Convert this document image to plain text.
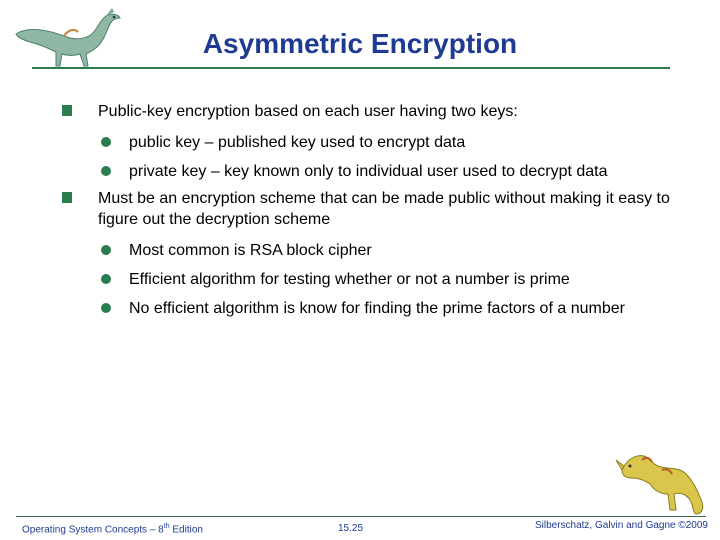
Asymmetric Encryption
Public-key encryption based on each user having two keys:
public key – published key used to encrypt data
private key – key known only to individual user used to decrypt data
Must be an encryption scheme that can be made public without making it easy to figure out the decryption scheme
Most common is RSA block cipher
Efficient algorithm for testing whether or not a number is prime
No efficient algorithm is know for finding the prime factors of a number
Operating System Concepts – 8th Edition	15.25	Silberschatz, Galvin and Gagne ©2009
